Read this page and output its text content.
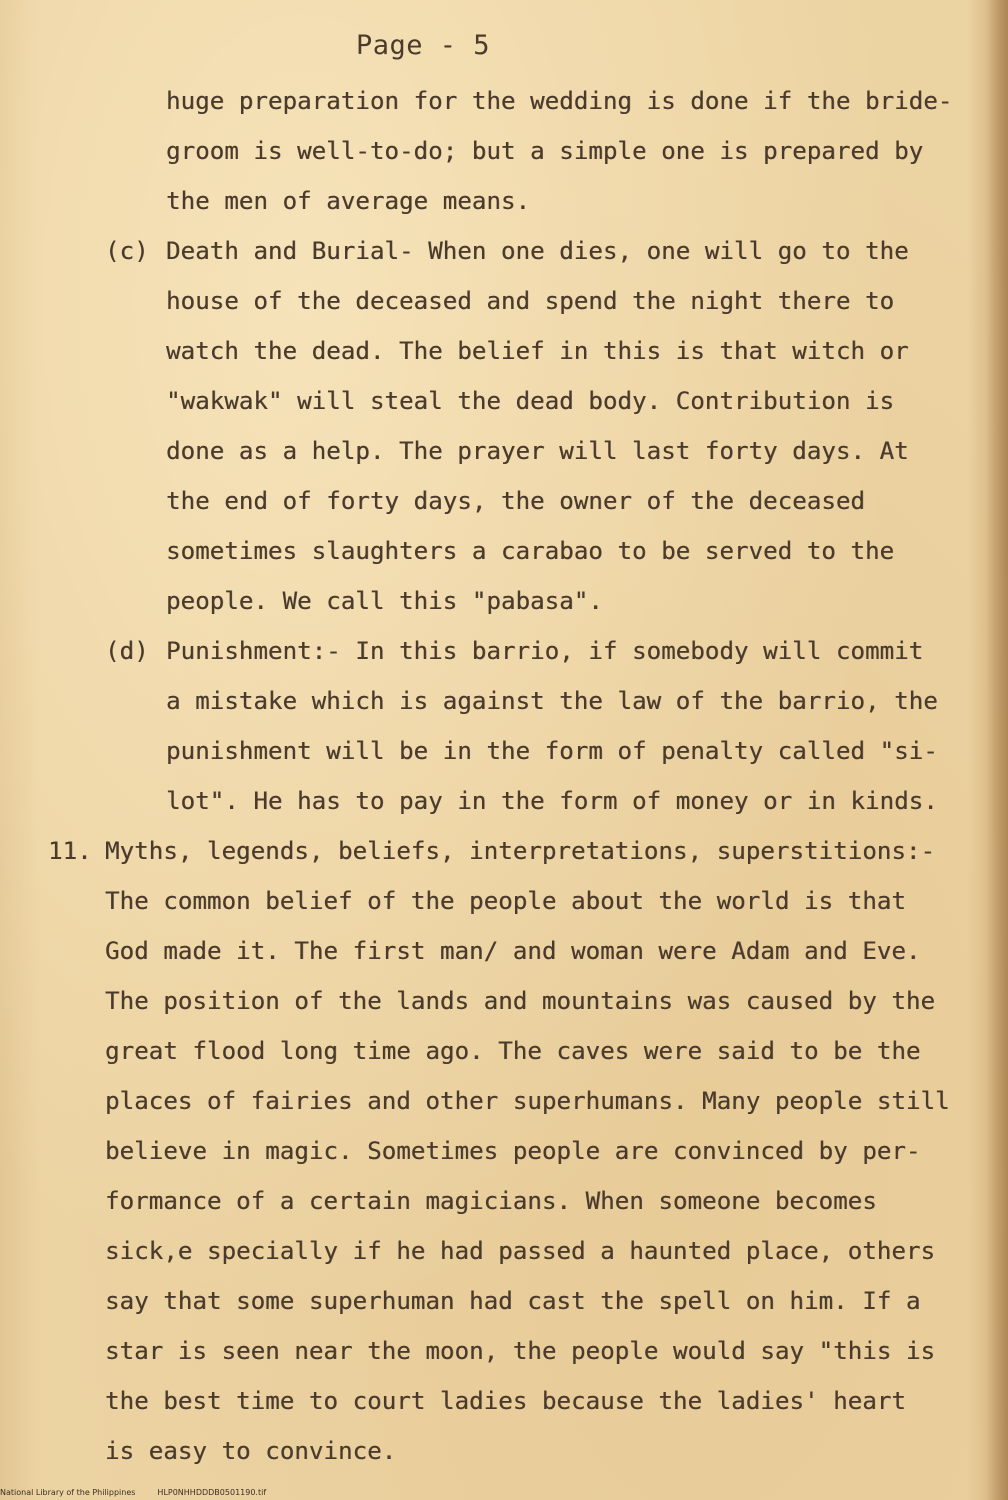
Page - 5
huge preparation for the wedding is done if the bride-
groom is well-to-do; but a simple one is prepared by
the men of average means.
(c) Death and Burial- When one dies, one will go to the
house of the deceased and spend the night there to
watch the dead. The belief in this is that witch or
"wakwak" will steal the dead body. Contribution is
done as a help. The prayer will last forty days. At
the end of forty days, the owner of the deceased
sometimes slaughters a carabao to be served to the
people. We call this "pabasa".
(d) Punishment:- In this barrio, if somebody will commit
a mistake which is against the law of the barrio, the
punishment will be in the form of penalty called "si-
lot". He has to pay in the form of money or in kinds.
11. Myths, legends, beliefs, interpretations, superstitions:-
The common belief of the people about the world is that
God made it. The first man/ and woman were Adam and Eve.
The position of the lands and mountains was caused by the
great flood long time ago. The caves were said to be the
places of fairies and other superhumans. Many people still
believe in magic. Sometimes people are convinced by per-
formance of a certain magicians. When someone becomes
sick,e specially if he had passed a haunted place, others
say that some superhuman had cast the spell on him. If a
star is seen near the moon, the people would say "this is
the best time to court ladies because the ladies' heart
is easy to convince.
National Library of the Philippines	HLP0NHHDDDB0501190.tif
